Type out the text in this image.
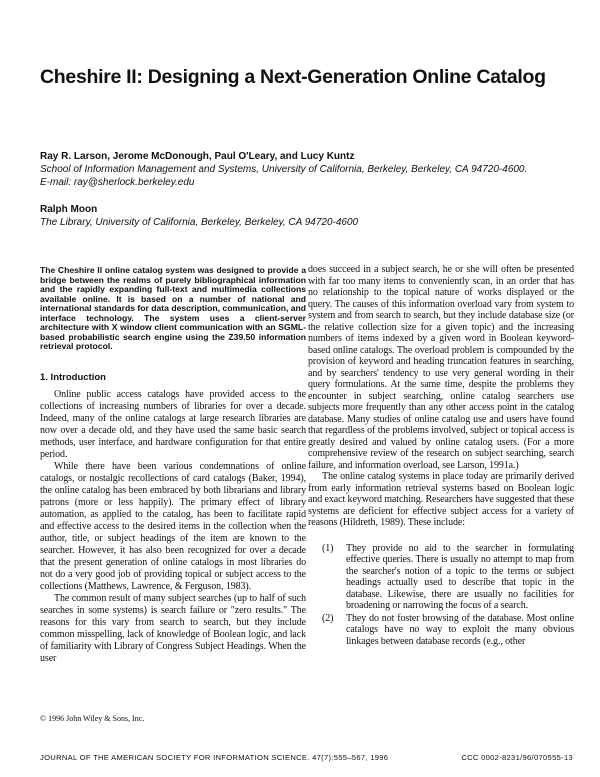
Cheshire II: Designing a Next-Generation Online Catalog
Ray R. Larson, Jerome McDonough, Paul O'Leary, and Lucy Kuntz
School of Information Management and Systems, University of California, Berkeley, Berkeley, CA 94720-4600.
E-mail: ray@sherlock.berkeley.edu
Ralph Moon
The Library, University of California, Berkeley, Berkeley, CA 94720-4600
The Cheshire II online catalog system was designed to provide a bridge between the realms of purely bibliographical information and the rapidly expanding full-text and multimedia collections available online. It is based on a number of national and international standards for data description, communication, and interface technology. The system uses a client-server architecture with X window client communication with an SGML-based probabilistic search engine using the Z39.50 information retrieval protocol.
1. Introduction

Online public access catalogs have provided access to the collections of increasing numbers of libraries for over a decade. Indeed, many of the online catalogs at large research libraries are now over a decade old, and they have used the same basic search methods, user interface, and hardware configuration for that entire period.

While there have been various condemnations of online catalogs, or nostalgic recollections of card catalogs (Baker, 1994), the online catalog has been embraced by both librarians and library patrons (more or less happily). The primary effect of library automation, as applied to the catalog, has been to facilitate rapid and effective access to the desired items in the collection when the author, title, or subject headings of the item are known to the searcher. However, it has also been recognized for over a decade that the present generation of online catalogs in most libraries do not do a very good job of providing topical or subject access to the collections (Matthews, Lawrence, & Ferguson, 1983).

The common result of many subject searches (up to half of such searches in some systems) is search failure or "zero results." The reasons for this vary from search to search, but they include common misspelling, lack of knowledge of Boolean logic, and lack of familiarity with Library of Congress Subject Headings. When the user

does succeed in a subject search, he or she will often be presented with far too many items to conveniently scan, in an order that has no relationship to the topical nature of works displayed or the query. The causes of this information overload vary from system to system and from search to search, but they include database size (or the relative collection size for a given topic) and the increasing numbers of items indexed by a given word in Boolean keyword-based online catalogs. The overload problem is compounded by the provision of keyword and heading truncation features in searching, and by searchers' tendency to use very general wording in their query formulations. At the same time, despite the problems they encounter in subject searching, online catalog searchers use subjects more frequently than any other access point in the catalog database. Many studies of online catalog use and users have found that regardless of the problems involved, subject or topical access is greatly desired and valued by online catalog users. (For a more comprehensive review of the research on subject searching, search failure, and information overload, see Larson, 1991a.)

The online catalog systems in place today are primarily derived from early information retrieval systems based on Boolean logic and exact keyword matching. Researchers have suggested that these systems are deficient for effective subject access for a variety of reasons (Hildreth, 1989). These include:

(1) They provide no aid to the searcher in formulating effective queries. There is usually no attempt to map from the searcher's notion of a topic to the terms or subject headings actually used to describe that topic in the database. Likewise, there are usually no facilities for broadening or narrowing the focus of a search.
(2) They do not foster browsing of the database. Most online catalogs have no way to exploit the many obvious linkages between database records (e.g., other
© 1996 John Wiley & Sons, Inc.
JOURNAL OF THE AMERICAN SOCIETY FOR INFORMATION SCIENCE. 47(7):555–567, 1996	CCC 0002-8231/96/070555-13
